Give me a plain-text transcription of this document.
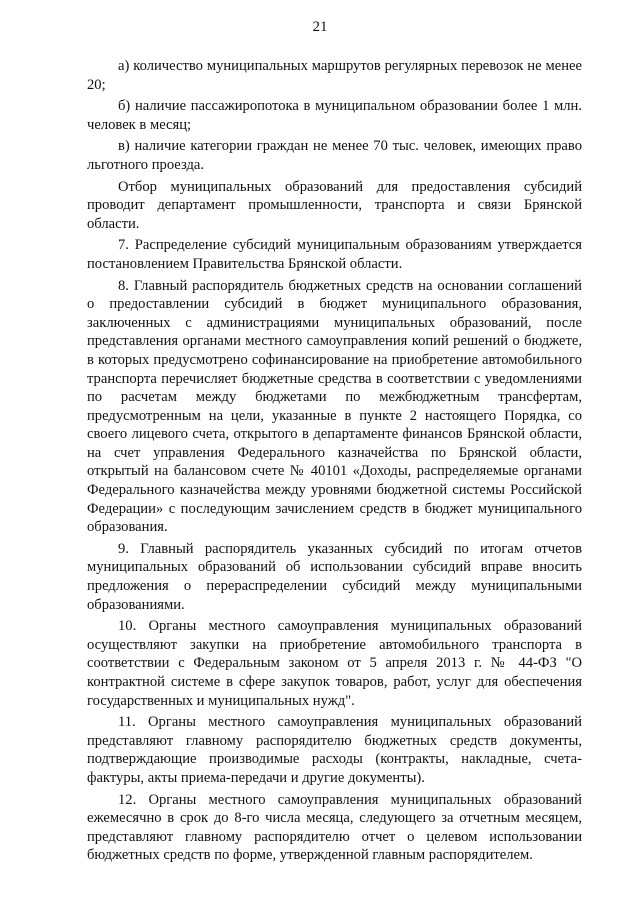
21

а) количество муниципальных маршрутов регулярных перевозок не менее 20;

б) наличие пассажиропотока в муниципальном образовании более 1 млн. человек в месяц;

в) наличие категории граждан не менее 70 тыс. человек, имеющих право льготного проезда.

Отбор муниципальных образований для предоставления субсидий проводит департамент промышленности, транспорта и связи Брянской области.

7. Распределение субсидий муниципальным образованиям утверждается постановлением Правительства Брянской области.

8. Главный распорядитель бюджетных средств на основании соглашений о предоставлении субсидий в бюджет муниципального образования, заключенных с администрациями муниципальных образований, после представления органами местного самоуправления копий решений о бюджете, в которых предусмотрено софинансирование на приобретение автомобильного транспорта перечисляет бюджетные средства в соответствии с уведомлениями по расчетам между бюджетами по межбюджетным трансфертам, предусмотренным на цели, указанные в пункте 2 настоящего Порядка, со своего лицевого счета, открытого в департаменте финансов Брянской области, на счет управления Федерального казначейства по Брянской области, открытый на балансовом счете № 40101 «Доходы, распределяемые органами Федерального казначейства между уровнями бюджетной системы Российской Федерации» с последующим зачислением средств в бюджет муниципального образования.

9. Главный распорядитель указанных субсидий по итогам отчетов муниципальных образований об использовании субсидий вправе вносить предложения о перераспределении субсидий между муниципальными образованиями.

10. Органы местного самоуправления муниципальных образований осуществляют закупки на приобретение автомобильного транспорта в соответствии с Федеральным законом от 5 апреля 2013 г. № 44-ФЗ "О контрактной системе в сфере закупок товаров, работ, услуг для обеспечения государственных и муниципальных нужд".

11. Органы местного самоуправления муниципальных образований представляют главному распорядителю бюджетных средств документы, подтверждающие производимые расходы (контракты, накладные, счета-фактуры, акты приема-передачи и другие документы).

12. Органы местного самоуправления муниципальных образований ежемесячно в срок до 8-го числа месяца, следующего за отчетным месяцем, представляют главному распорядителю отчет о целевом использовании бюджетных средств по форме, утвержденной главным распорядителем.
